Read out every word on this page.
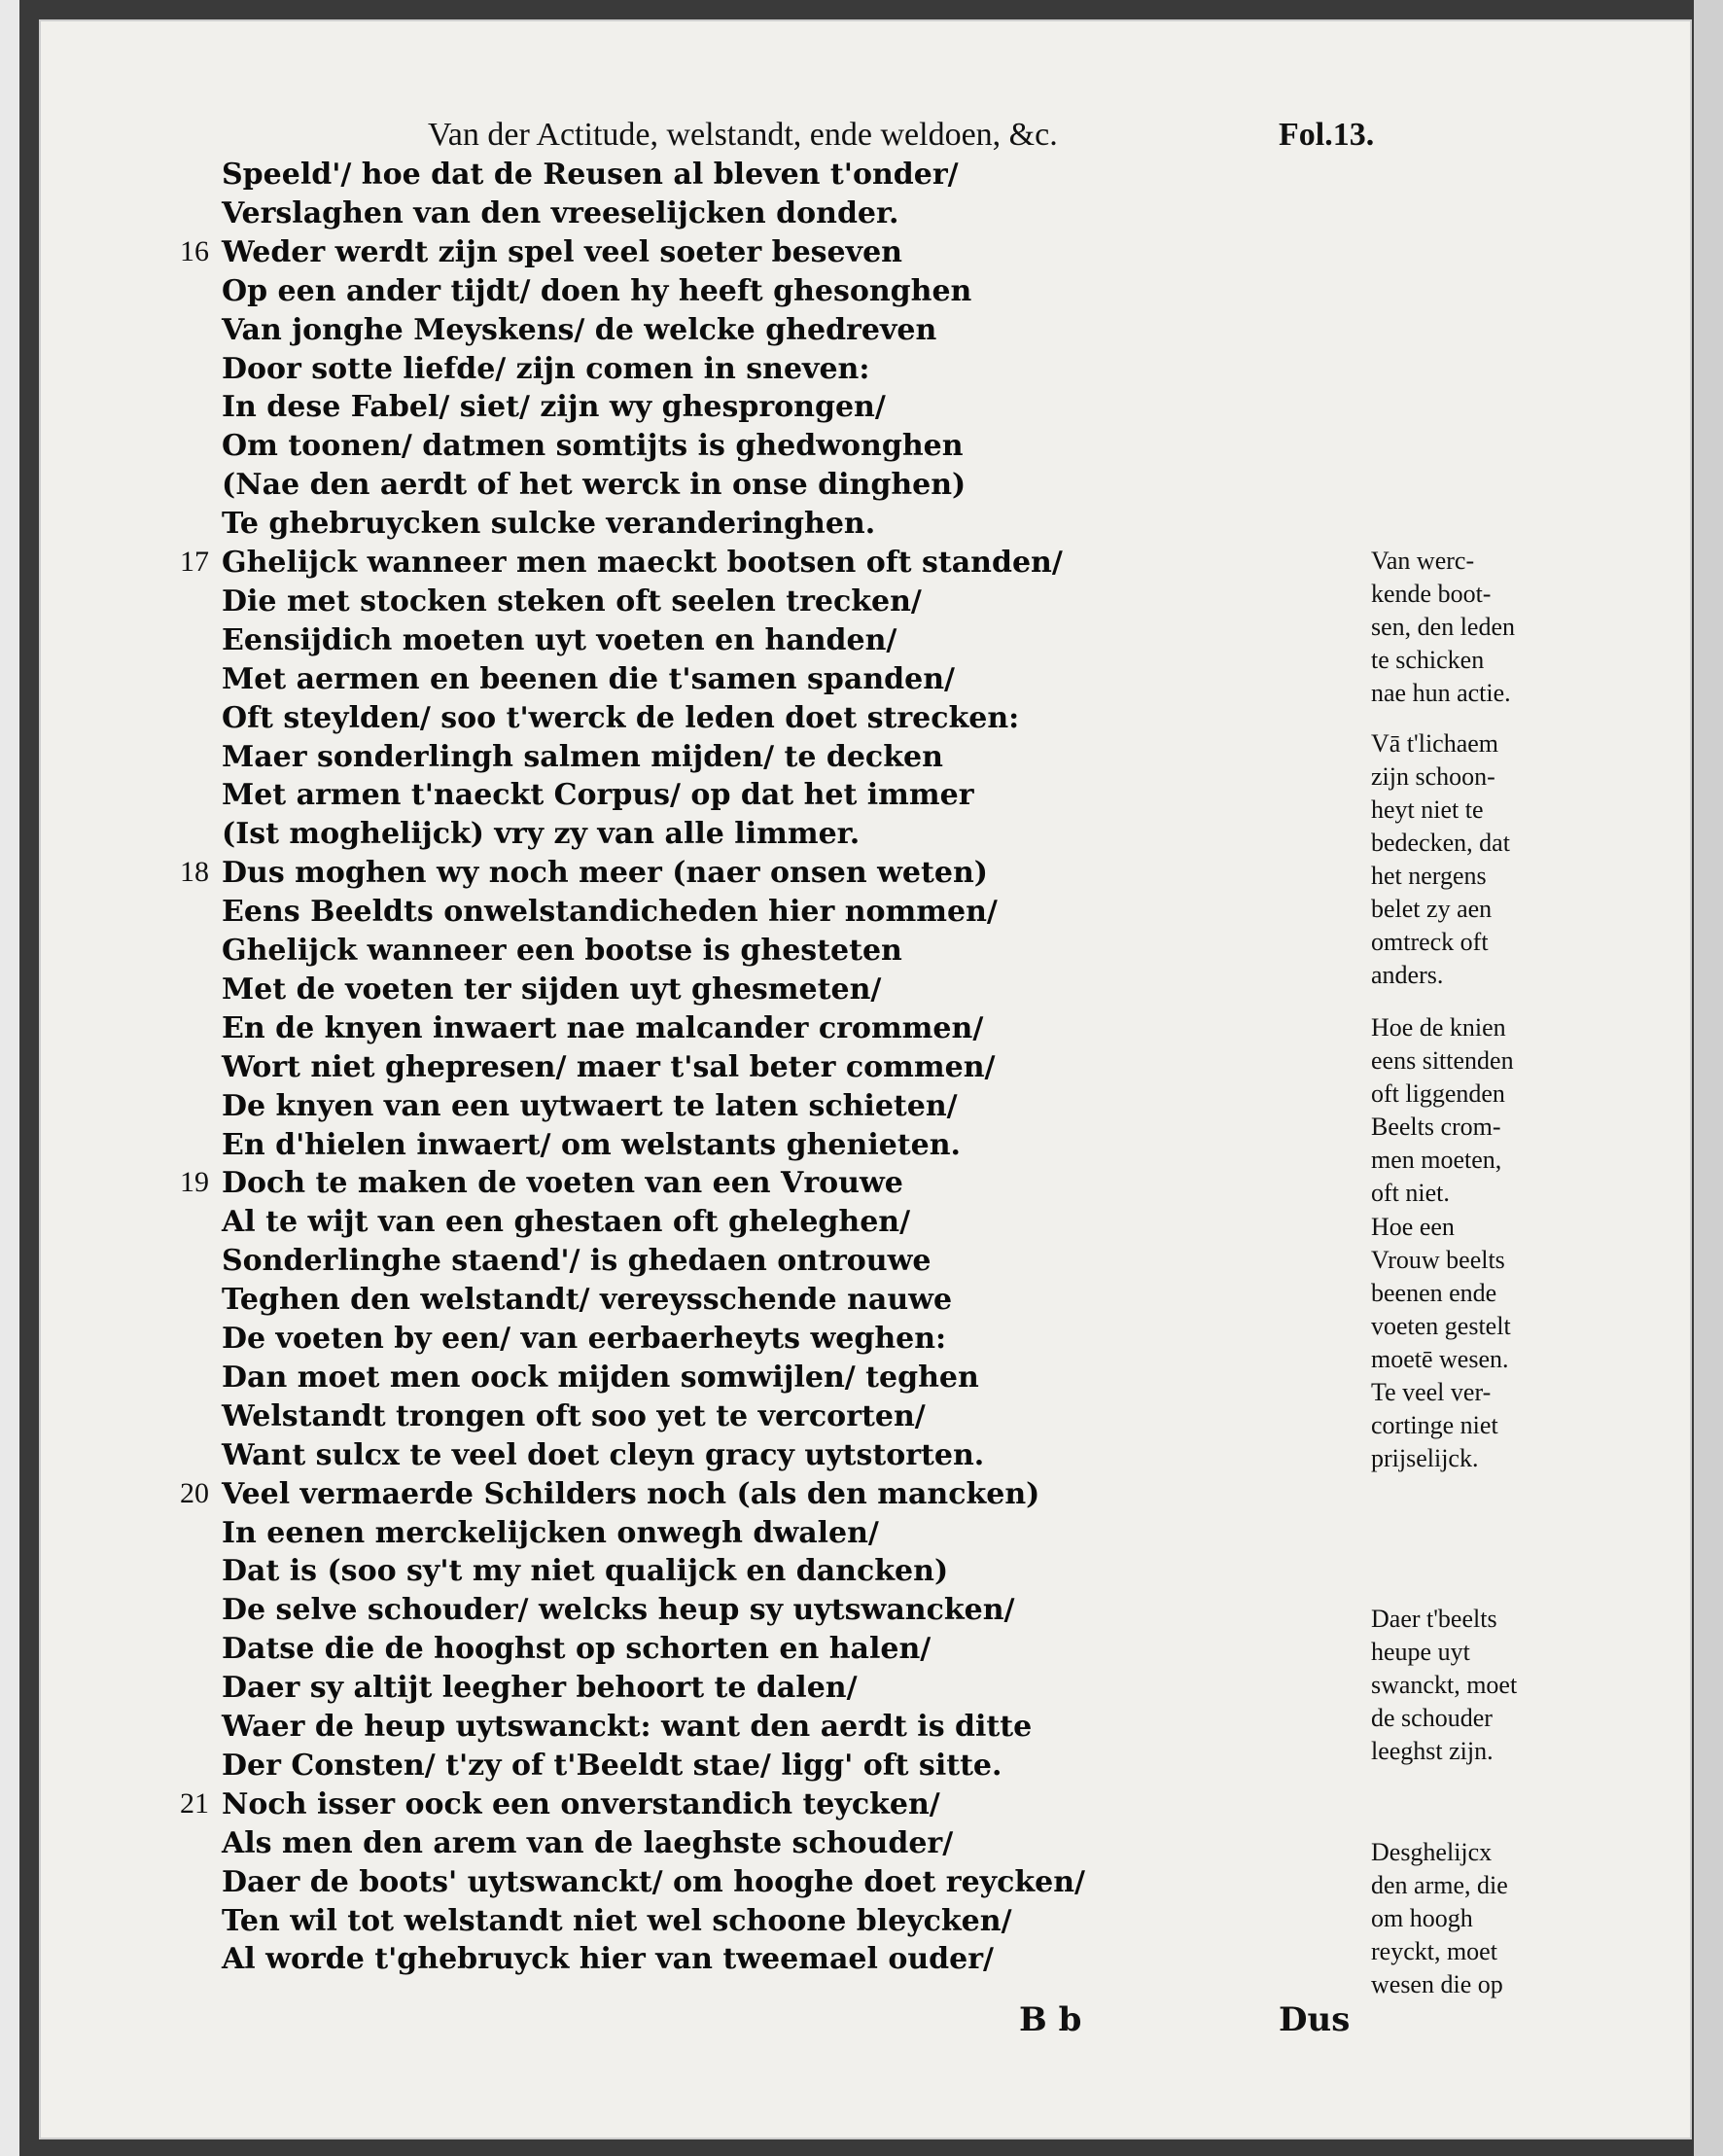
Van der Actitude, welstandt, ende weldoen, &c.	Fol.13.
Speeld'/ hoe dat de Reusen al bleven t'onder/
Verslaghen van den vreeselijcken donder.
Weder werdt zijn spel veel soeter beseven
Op een ander tijdt/ doen hy heeft ghesonghen
Van jonghe Meyskens/ de welcke ghedreven
Door sotte liefde/ zijn comen in sneven:
In dese Fabel/ siet/ zijn wy ghesprongen/
Om toonen/ datmen somtijts is ghedwonghen
(Nae den aerdt of het werck in onse dinghen)
Te ghebruycken sulcke veranderinghen.
Ghelijck wanneer men maeckt bootsen oft standen/
Die met stocken steken oft seelen trecken/
Eensijdich moeten uyt voeten en handen/
Met aermen en beenen die t'samen spanden/
Oft steylden/ soo t'werck de leden doet strecken:
Maer sonderlingh salmen mijden/ te decken
Met armen t'naeckt Corpus/ op dat het immer
(Ist moghelijck) vry zy van alle limmer.
Dus moghen wy noch meer (naer onsen weten)
Eens Beeldts onwelstandicheden hier nommen/
Ghelijck wanneer een bootse is ghesteten
Met de voeten ter sijden uyt ghesmeten/
En de knyen inwaert nae malcander crommen/
Wort niet ghepresen/ maer t'sal beter commen/
De knyen van een uytwaert te laten schieten/
En d'hielen inwaert/ om welstants ghenieten.
Doch te maken de voeten van een Vrouwe
Al te wijt van een ghestaen oft gheleghen/
Sonderlinghe staend'/ is ghedaen ontrouwe
Teghen den welstandt/ vereysschende nauwe
De voeten by een/ van eerbaerheyts weghen:
Dan moet men oock mijden somwijlen/ teghen
Welstandt trongen oft soo yet te vercorten/
Want sulcx te veel doet cleyn gracy uytstorten.
Veel vermaerde Schilders noch (als den mancken)
In eenen merckelijcken onwegh dwalen/
Dat is (soo sy't my niet qualijck en dancken)
De selve schouder/ welcks heup sy uytswancken/
Datse die de hooghst op schorten en halen/
Daer sy altijt leegher behoort te dalen/
Waer de heup uytswanckt: want den aerdt is ditte
Der Consten/ t'zy of t'Beeldt stae/ ligg' oft sitte.
Noch isser oock een onverstandich teycken/
Als men den arem van de laeghste schouder/
Daer de boots' uytswanckt/ om hooghe doet reycken/
Ten wil tot welstandt niet wel schoone bleycken/
Al worde t'ghebruyck hier van tweemael ouder/
16
17
18
19
20
21
Van werc-
kende boot-
sen, den leden
te schicken
nae hun actie.
Vā t'lichaem
zijn schoon-
heyt niet te
bedecken, dat
het nergens
belet zy aen
omtreck oft
anders.
Hoe de knien
eens sittenden
oft liggenden
Beelts crom-
men moeten,
oft niet.
Hoe een
Vrouw beelts
beenen ende
voeten gestelt
moetē wesen.
Te veel ver-
cortinge niet
prijselijck.
Daer t'beelts
heupe uyt
swanckt, moet
de schouder
leeghst zijn.
Desghelijcx
den arme, die
om hoogh
reyckt, moet
wesen die op
B b	Dus
